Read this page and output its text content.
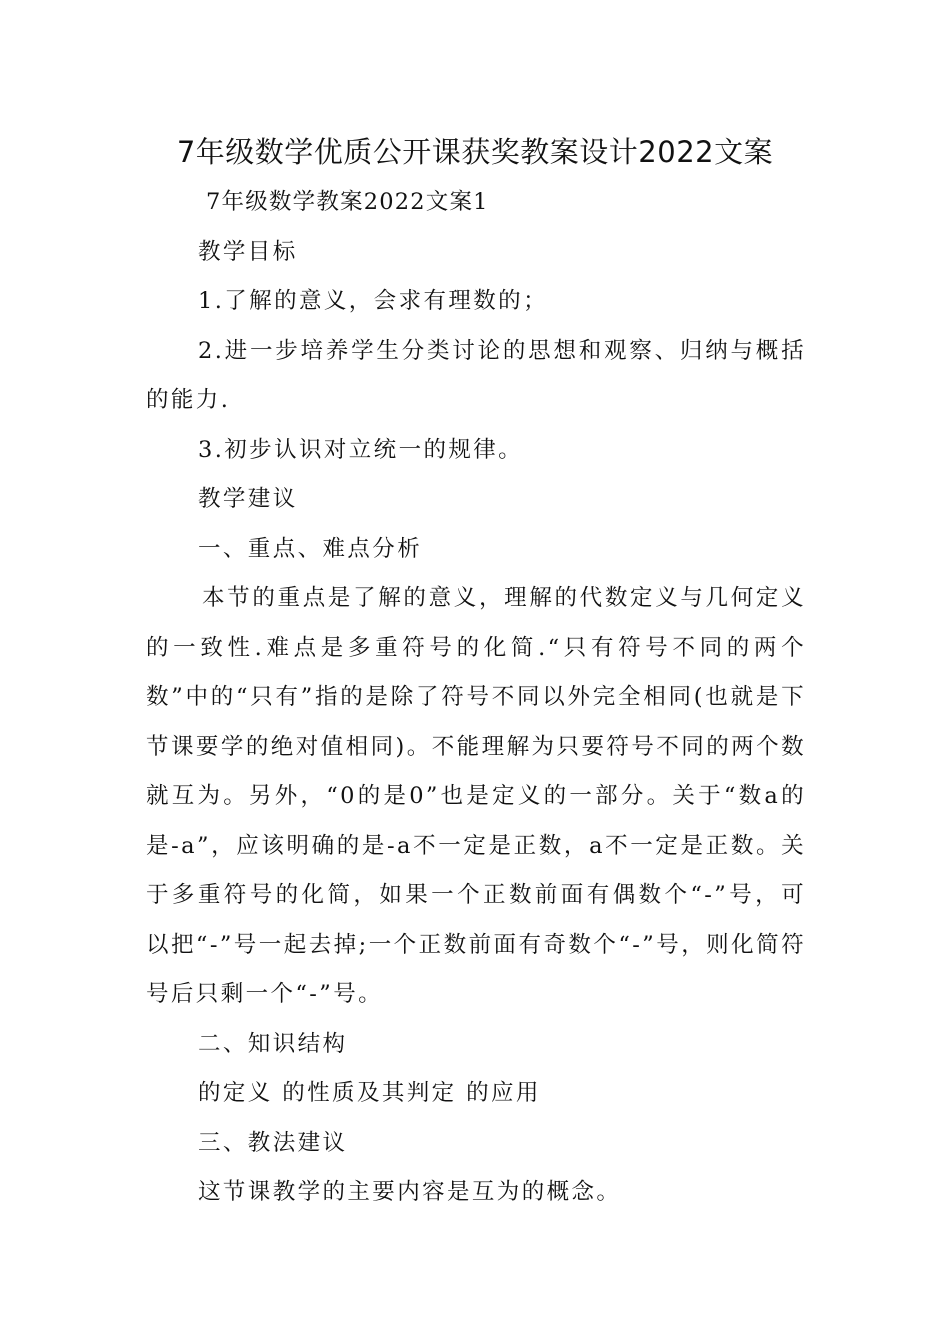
7年级数学优质公开课获奖教案设计2022文案

7年级数学教案2022文案1

教学目标

1.了解的意义，会求有理数的；

2.进一步培养学生分类讨论的思想和观察、归纳与概括的能力.

3.初步认识对立统一的规律。

教学建议

一、重点、难点分析

本节的重点是了解的意义，理解的代数定义与几何定义的一致性.难点是多重符号的化简.“只有符号不同的两个数”中的“只有”指的是除了符号不同以外完全相同(也就是下节课要学的绝对值相同)。不能理解为只要符号不同的两个数就互为。另外，“0的是0”也是定义的一部分。关于“数a的是-a”，应该明确的是-a不一定是正数，a不一定是正数。关于多重符号的化简，如果一个正数前面有偶数个“-”号，可以把“-”号一起去掉;一个正数前面有奇数个“-”号，则化简符号后只剩一个“-”号。

二、知识结构

的定义 的性质及其判定 的应用

三、教法建议

这节课教学的主要内容是互为的概念。
